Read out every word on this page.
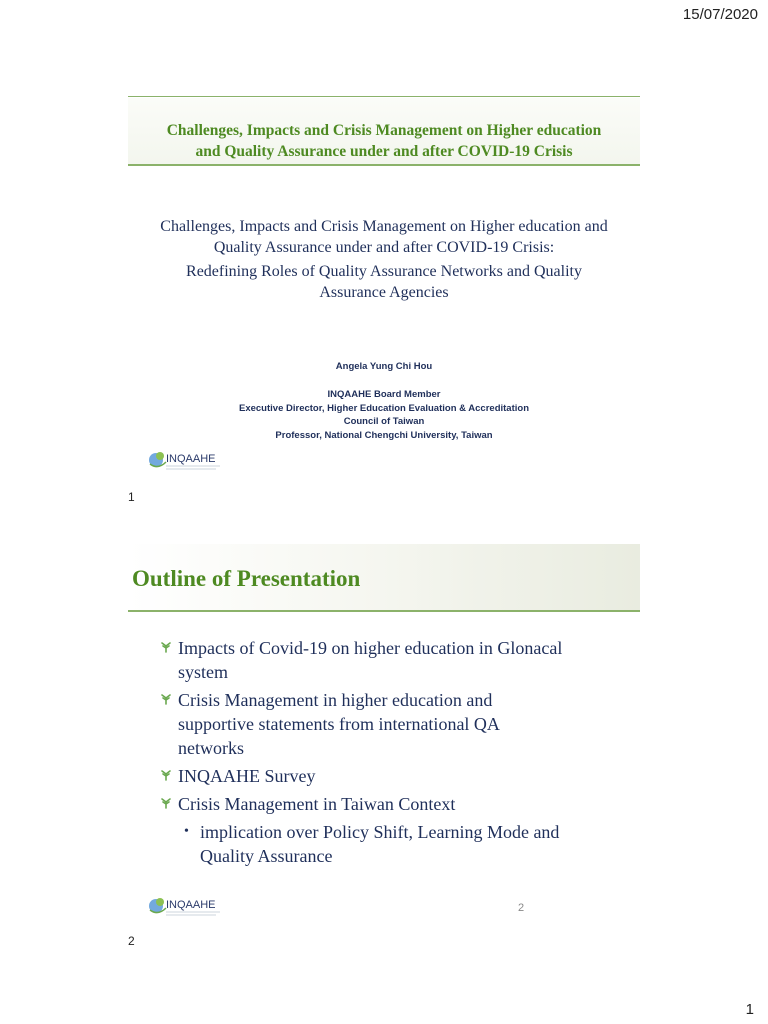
15/07/2020
Challenges, Impacts and Crisis Management on Higher education
and Quality Assurance under and after COVID-19 Crisis
Challenges, Impacts and Crisis Management on Higher education and
Quality Assurance under and after COVID-19 Crisis:
Redefining Roles of Quality Assurance Networks and Quality
Assurance Agencies
Angela Yung Chi Hou
INQAAHE Board Member
Executive Director, Higher Education Evaluation & Accreditation
Council of Taiwan
Professor, National Chengchi University, Taiwan
INQAAHE
1
Outline of Presentation
Impacts of Covid-19 on higher education in Glonacal
system
Crisis Management in higher education and
supportive statements from international QA
networks
INQAAHE Survey
Crisis Management in Taiwan Context
• implication over Policy Shift, Learning Mode and
Quality Assurance
INQAAHE	2
2
1
